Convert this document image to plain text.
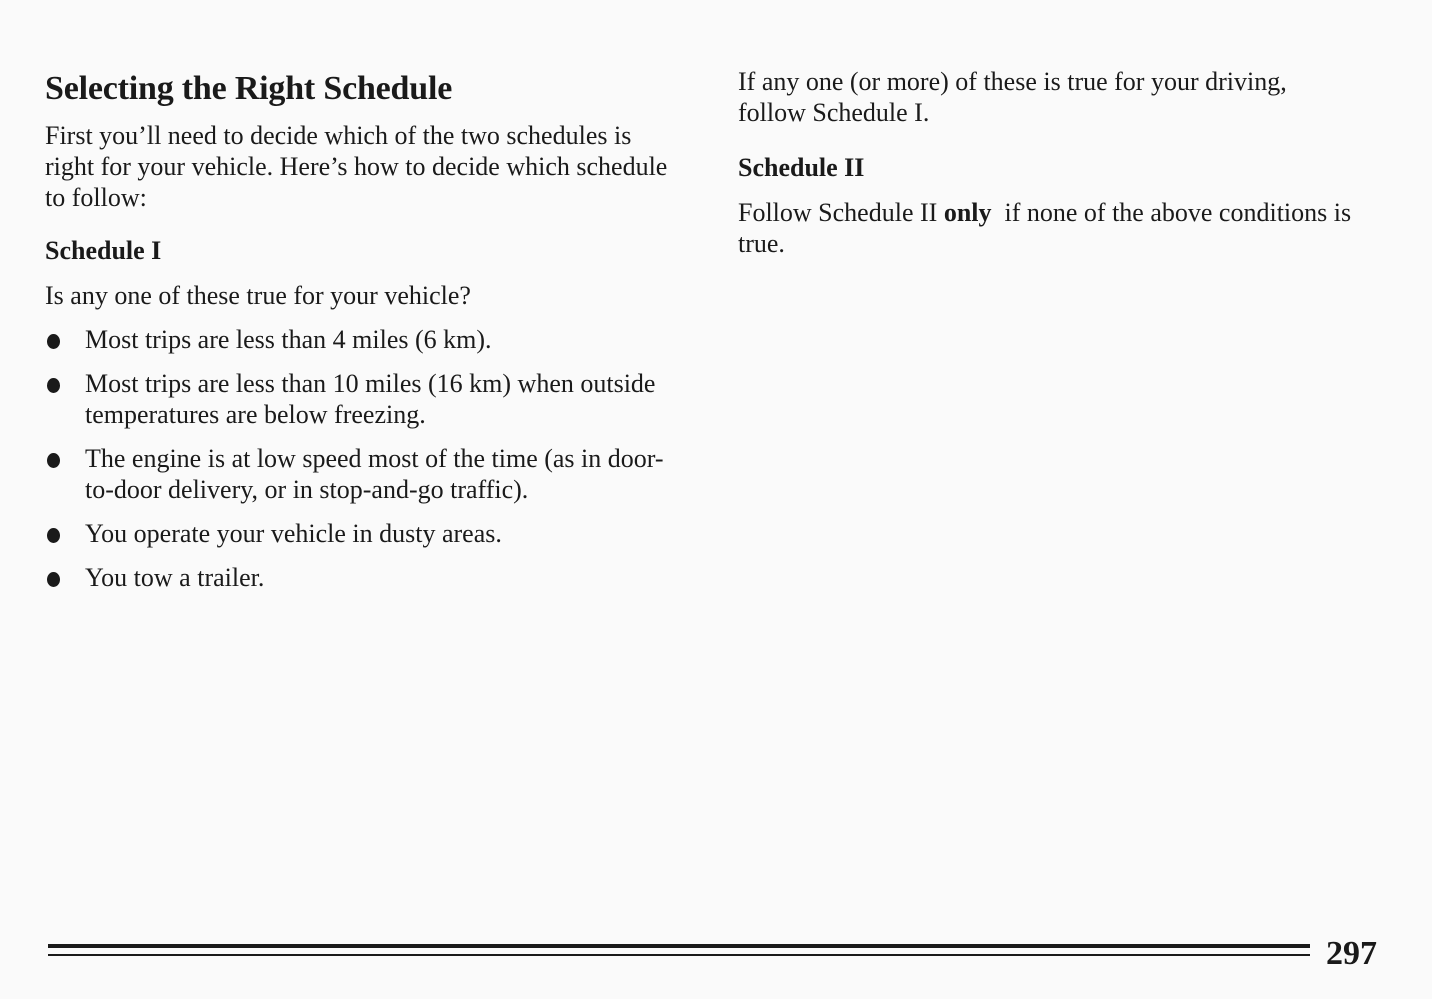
Selecting the Right Schedule

First you’ll need to decide which of the two schedules is right for your vehicle. Here’s how to decide which schedule to follow:

Schedule I

Is any one of these true for your vehicle?

Most trips are less than 4 miles (6 km).
Most trips are less than 10 miles (16 km) when outside temperatures are below freezing.
The engine is at low speed most of the time (as in door-to-door delivery, or in stop-and-go traffic).
You operate your vehicle in dusty areas.
You tow a trailer.

If any one (or more) of these is true for your driving, follow Schedule I.

Schedule II

Follow Schedule II only  if none of the above conditions is true.

297
